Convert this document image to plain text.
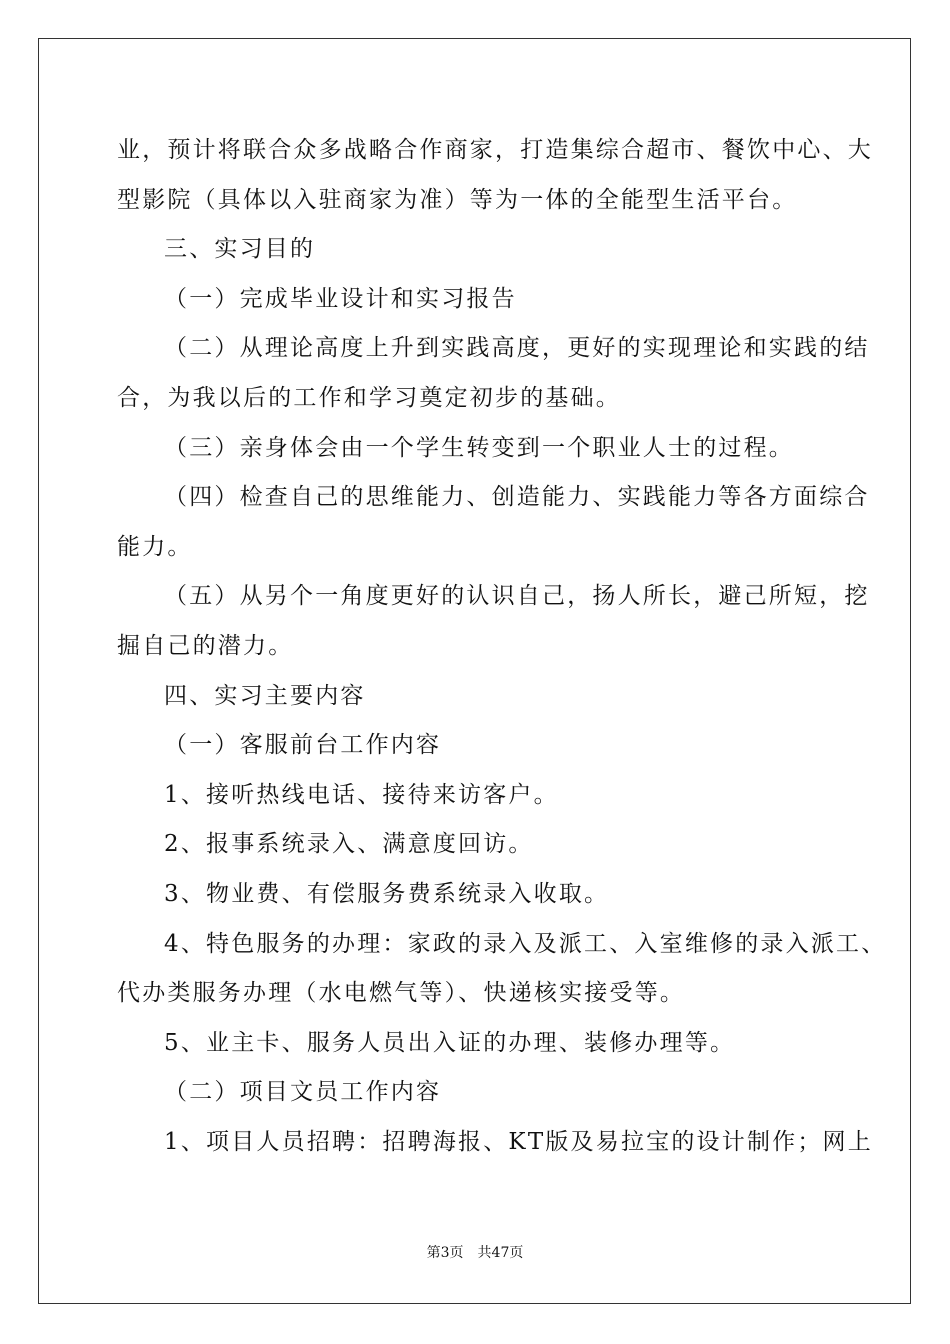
业，预计将联合众多战略合作商家，打造集综合超市、餐饮中心、大
型影院（具体以入驻商家为准）等为一体的全能型生活平台。
三、实习目的
（一）完成毕业设计和实习报告
（二）从理论高度上升到实践高度，更好的实现理论和实践的结
合，为我以后的工作和学习奠定初步的基础。
（三）亲身体会由一个学生转变到一个职业人士的过程。
（四）检查自己的思维能力、创造能力、实践能力等各方面综合
能力。
（五）从另个一角度更好的认识自己，扬人所长，避己所短，挖
掘自己的潜力。
四、实习主要内容
（一）客服前台工作内容
1、接听热线电话、接待来访客户。
2、报事系统录入、满意度回访。
3、物业费、有偿服务费系统录入收取。
4、特色服务的办理：家政的录入及派工、入室维修的录入派工、
代办类服务办理（水电燃气等）、快递核实接受等。
5、业主卡、服务人员出入证的办理、装修办理等。
（二）项目文员工作内容
1、项目人员招聘：招聘海报、KT版及易拉宝的设计制作；网上
第3页 共47页
